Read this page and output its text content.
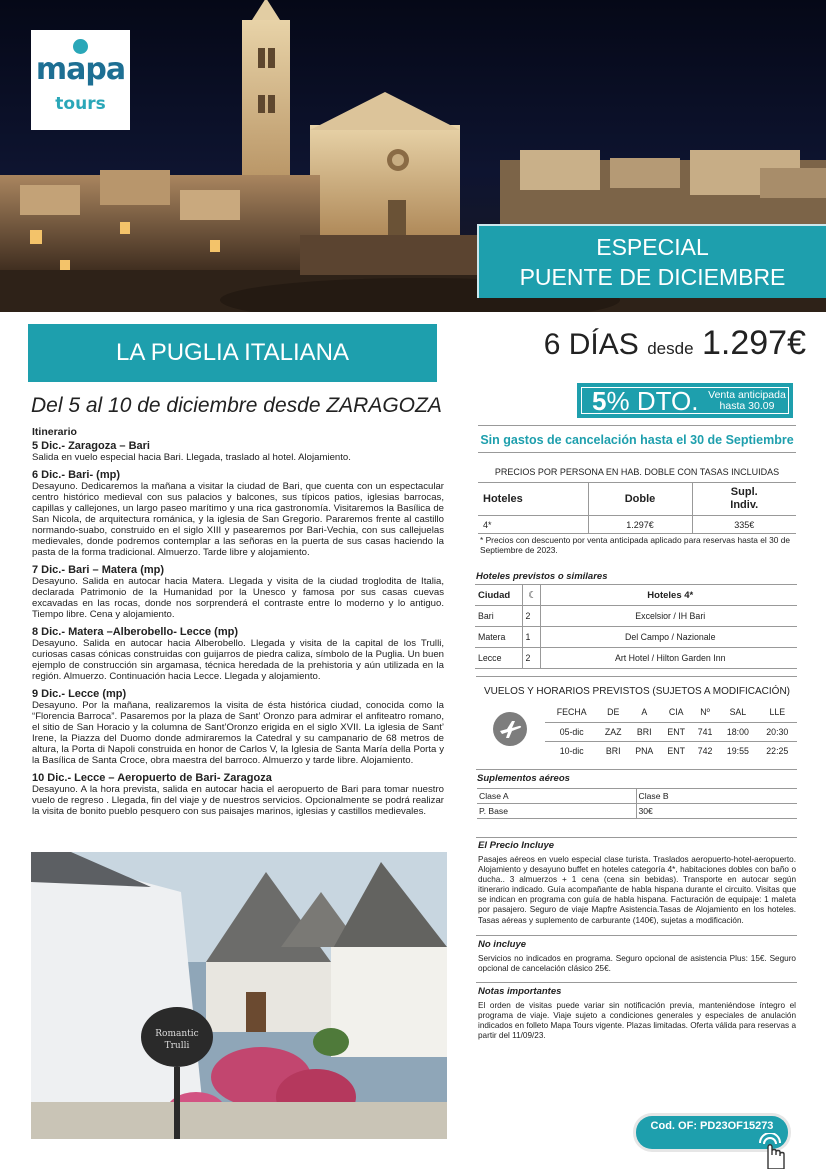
mapa
tours
ESPECIAL
PUENTE DE DICIEMBRE
LA PUGLIA ITALIANA	6 DÍAS desde 1.297€
Del 5 al 10 de diciembre desde ZARAGOZA
Itinerario
5 Dic.- Zaragoza – Bari
Salida en vuelo especial hacia Bari. Llegada, traslado al hotel. Alojamiento.
6 Dic.- Bari- (mp)
Desayuno. Dedicaremos la mañana a visitar la ciudad de Bari, que cuenta con un espectacular centro histórico medieval con sus palacios y balcones, sus típicos patios, iglesias barrocas, capillas y callejones, un largo paseo marítimo y una rica gastronomía. Visitaremos la Basílica de San Nicola, de arquitectura románica, y la iglesia de San Gregorio. Pararemos frente al castillo normando-suabo, construido en el siglo XIII y pasearemos por Bari-Vechia, con sus callejuelas medievales, donde podremos contemplar a las señoras en la puerta de sus casas haciendo la pasta de la forma tradicional. Almuerzo. Tarde libre y alojamiento.
7 Dic.- Bari – Matera (mp)
Desayuno. Salida en autocar hacia Matera. Llegada y visita de la ciudad troglodita de Italia, declarada Patrimonio de la Humanidad por la Unesco y famosa por sus casas cuevas excavadas en las rocas, donde nos sorprenderá el contraste entre lo moderno y lo antiguo. Tiempo libre. Cena y alojamiento.
8 Dic.- Matera –Alberobello- Lecce (mp)
Desayuno. Salida en autocar hacia Alberobello. Llegada y visita de la capital de los Trulli, curiosas casas cónicas construidas con guijarros de piedra caliza, símbolo de la Puglia. Un buen ejemplo de construcción sin argamasa, técnica heredada de la prehistoria y aún utilizada en la región. Almuerzo. Continuación hacia Lecce. Llegada y alojamiento.
9 Dic.- Lecce (mp)
Desayuno. Por la mañana, realizaremos la visita de ésta histórica ciudad, conocida como la “Florencia Barroca”. Pasaremos por la plaza de Sant’ Oronzo para admirar el anfiteatro romano, el sitio de San Horacio y la columna de Sant’Oronzo erigida en el siglo XVII. La iglesia de Sant’ Irene, la Piazza del Duomo donde admiraremos la Catedral y su campanario de 68 metros de altura, la Porta di Napoli construida en honor de Carlos V, la Iglesia de Santa María della Porta y la Basílica de Santa Croce, obra maestra del barroco. Almuerzo y tarde libre. Alojamiento.
10 Dic.- Lecce – Aeropuerto de Bari- Zaragoza
Desayuno. A la hora prevista, salida en autocar hacia el aeropuerto de Bari para tomar nuestro vuelo de regreso . Llegada, fin del viaje y de nuestros servicios. Opcionalmente se podrá realizar la visita de bonito pueblo pesquero con sus paisajes marinos, iglesias y castillos medievales.
Romantic
Trulli
5% DTO. Venta anticipada
hasta 30.09
Sin gastos de cancelación hasta el 30 de Septiembre
PRECIOS POR PERSONA EN HAB. DOBLE CON TASAS INCLUIDAS
Hoteles	Doble	Supl.
Indiv.

4*	1.297€	335€
* Precios con descuento por venta anticipada aplicado para reservas hasta el 30 de Septiembre de 2023.
Hoteles previstos o similares
Ciudad	☾	Hoteles 4*
Bari	2	Excelsior / IH Bari
Matera	1	Del Campo / Nazionale
Lecce	2	Art Hotel / Hilton Garden Inn
VUELOS Y HORARIOS PREVISTOS (SUJETOS A MODIFICACIÓN)
FECHA	DE	A	CIA	Nº	SAL	LLE
05-dic	ZAZ	BRI	ENT	741	18:00	20:30
10-dic	BRI	PNA	ENT	742	19:55	22:25
Suplementos aéreos
Clase A	Clase B
P. Base	30€
El Precio Incluye
Pasajes aéreos en vuelo especial clase turista. Traslados aeropuerto-hotel-aeropuerto. Alojamiento y desayuno buffet en hoteles categoría 4*, habitaciones dobles con baño o ducha.. 3 almuerzos + 1 cena (cena sin bebidas). Transporte en autocar según itinerario indicado. Guía acompañante de habla hispana durante el circuito. Visitas que se indican en programa con guía de habla hispana. Facturación de equipaje: 1 maleta por pasajero. Seguro de viaje Mapfre Asistencia.Tasas de Alojamiento en los hoteles. Tasas aéreas y suplemento de carburante (140€), sujetas a modificación.
No incluye
Servicios no indicados en programa. Seguro opcional de asistencia Plus: 15€. Seguro opcional de cancelación clásico 25€.
Notas importantes
El orden de visitas puede variar sin notificación previa, manteniéndose íntegro el programa de viaje. Viaje sujeto a condiciones generales y especiales de anulación indicados en folleto Mapa Tours vigente. Plazas limitadas. Oferta válida para reservas a partir del 11/09/23.
Cod. OF: PD23OF15273
